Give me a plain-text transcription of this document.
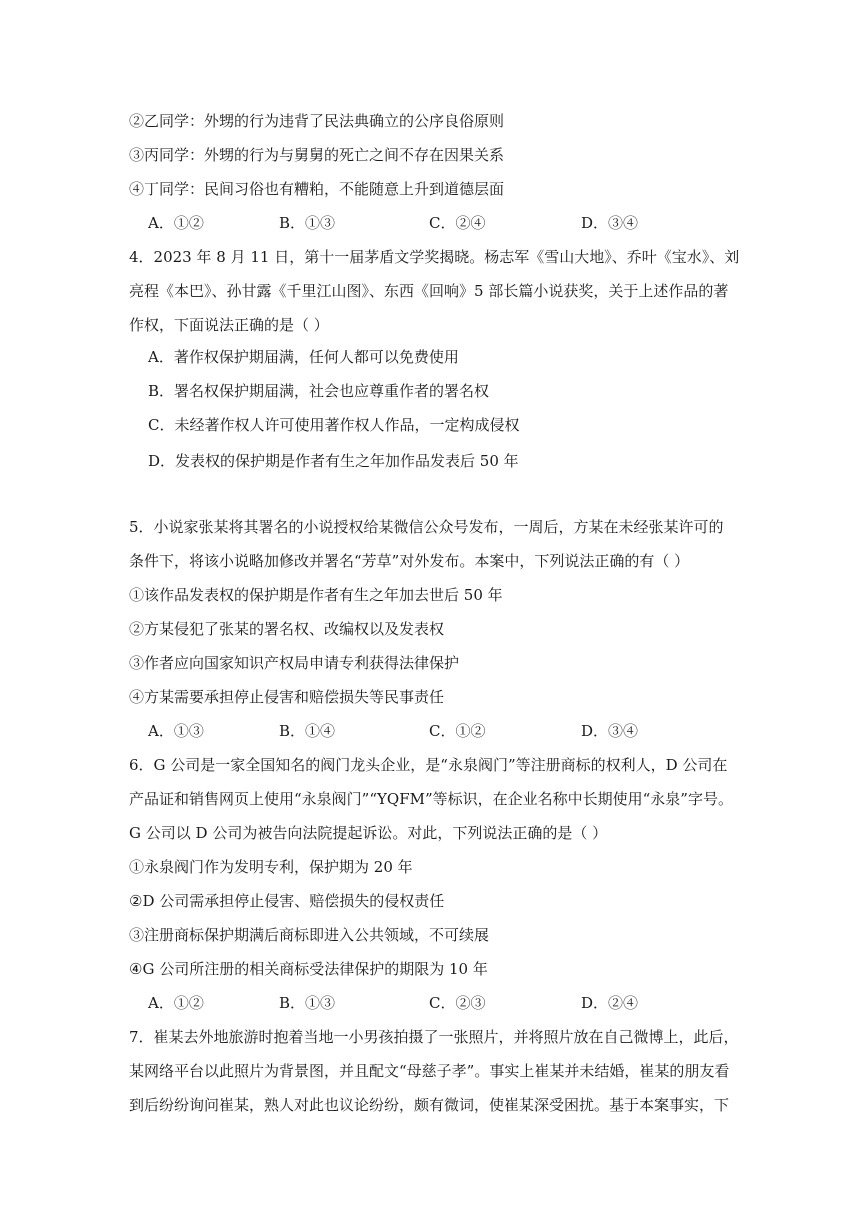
②乙同学：外甥的行为违背了民法典确立的公序良俗原则
③丙同学：外甥的行为与舅舅的死亡之间不存在因果关系
④丁同学：民间习俗也有糟粕，不能随意上升到道德层面
A．①②	B．①③	C．②④	D．③④
4．2023 年 8 月 11 日，第十一届茅盾文学奖揭晓。杨志军《雪山大地》、乔叶《宝水》、刘
亮程《本巴》、孙甘露《千里江山图》、东西《回响》5 部长篇小说获奖，关于上述作品的著
作权，下面说法正确的是（ ）
A．著作权保护期届满，任何人都可以免费使用
B．署名权保护期届满，社会也应尊重作者的署名权
C．未经著作权人许可使用著作权人作品，一定构成侵权
D．发表权的保护期是作者有生之年加作品发表后 50 年
5．小说家张某将其署名的小说授权给某微信公众号发布，一周后，方某在未经张某许可的
条件下，将该小说略加修改并署名“芳草”对外发布。本案中，下列说法正确的有（ ）
①该作品发表权的保护期是作者有生之年加去世后 50 年
②方某侵犯了张某的署名权、改编权以及发表权
③作者应向国家知识产权局申请专利获得法律保护
④方某需要承担停止侵害和赔偿损失等民事责任
A．①③	B．①④	C．①②	D．③④
6．G 公司是一家全国知名的阀门龙头企业，是“永泉阀门”等注册商标的权利人，D 公司在
产品证和销售网页上使用“永泉阀门”“YQFM”等标识，在企业名称中长期使用“永泉”字号。
G 公司以 D 公司为被告向法院提起诉讼。对此，下列说法正确的是（ ）
①永泉阀门作为发明专利，保护期为 20 年
②D 公司需承担停止侵害、赔偿损失的侵权责任
③注册商标保护期满后商标即进入公共领域，不可续展
④G 公司所注册的相关商标受法律保护的期限为 10 年
A．①②	B．①③	C．②③	D．②④
7．崔某去外地旅游时抱着当地一小男孩拍摄了一张照片，并将照片放在自己微博上，此后，
某网络平台以此照片为背景图，并且配文“母慈子孝”。事实上崔某并未结婚，崔某的朋友看
到后纷纷询问崔某，熟人对此也议论纷纷，颇有微词，使崔某深受困扰。基于本案事实，下
